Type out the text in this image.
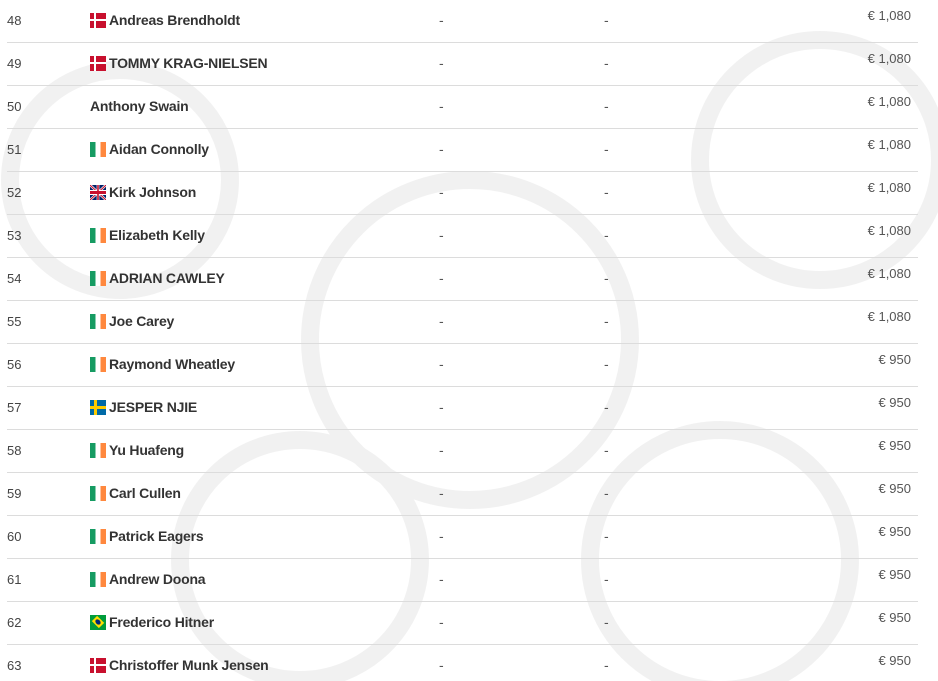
48	Andreas Brendholdt	-	-	€ 1,080
49	TOMMY KRAG-NIELSEN	-	-	€ 1,080
50	Anthony Swain	-	-	€ 1,080
51	Aidan Connolly	-	-	€ 1,080
52	Kirk Johnson	-	-	€ 1,080
53	Elizabeth Kelly	-	-	€ 1,080
54	ADRIAN CAWLEY	-	-	€ 1,080
55	Joe Carey	-	-	€ 1,080
56	Raymond Wheatley	-	-	€ 950
57	JESPER NJIE	-	-	€ 950
58	Yu Huafeng	-	-	€ 950
59	Carl Cullen	-	-	€ 950
60	Patrick Eagers	-	-	€ 950
61	Andrew Doona	-	-	€ 950
62	Frederico Hitner	-	-	€ 950
63	Christoffer Munk Jensen	-	-	€ 950
